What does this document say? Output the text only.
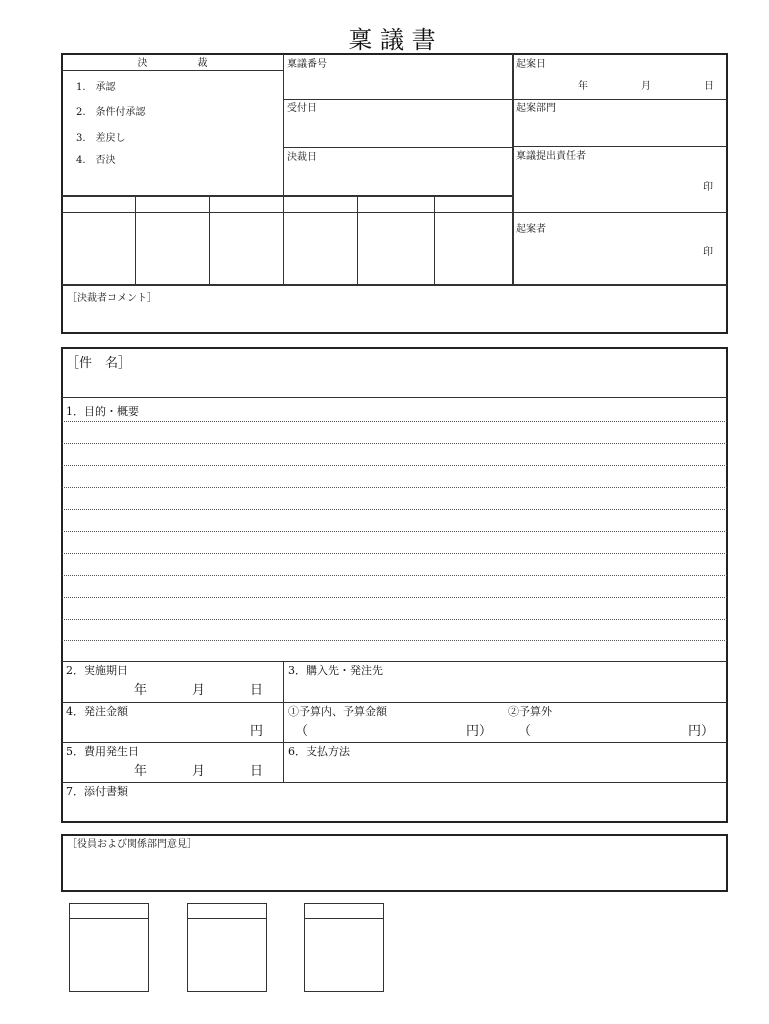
稟 議 書
決　　　　　裁
1.　承認
2.　条件付承認
3.　差戻し
4.　否決
稟議番号
受付日
決裁日
起案日
年	月	日
起案部門
稟議提出責任者
印
起案者
印
［決裁者コメント］
［件　名］
1．目的・概要
2．実施期日
年	月	日
3．購入先・発注先
4．発注金額
円
①予算内、予算金額
（	円）
②予算外
（	円）
5．費用発生日
年	月	日
6．支払方法
7．添付書類
［役員および関係部門意見］
